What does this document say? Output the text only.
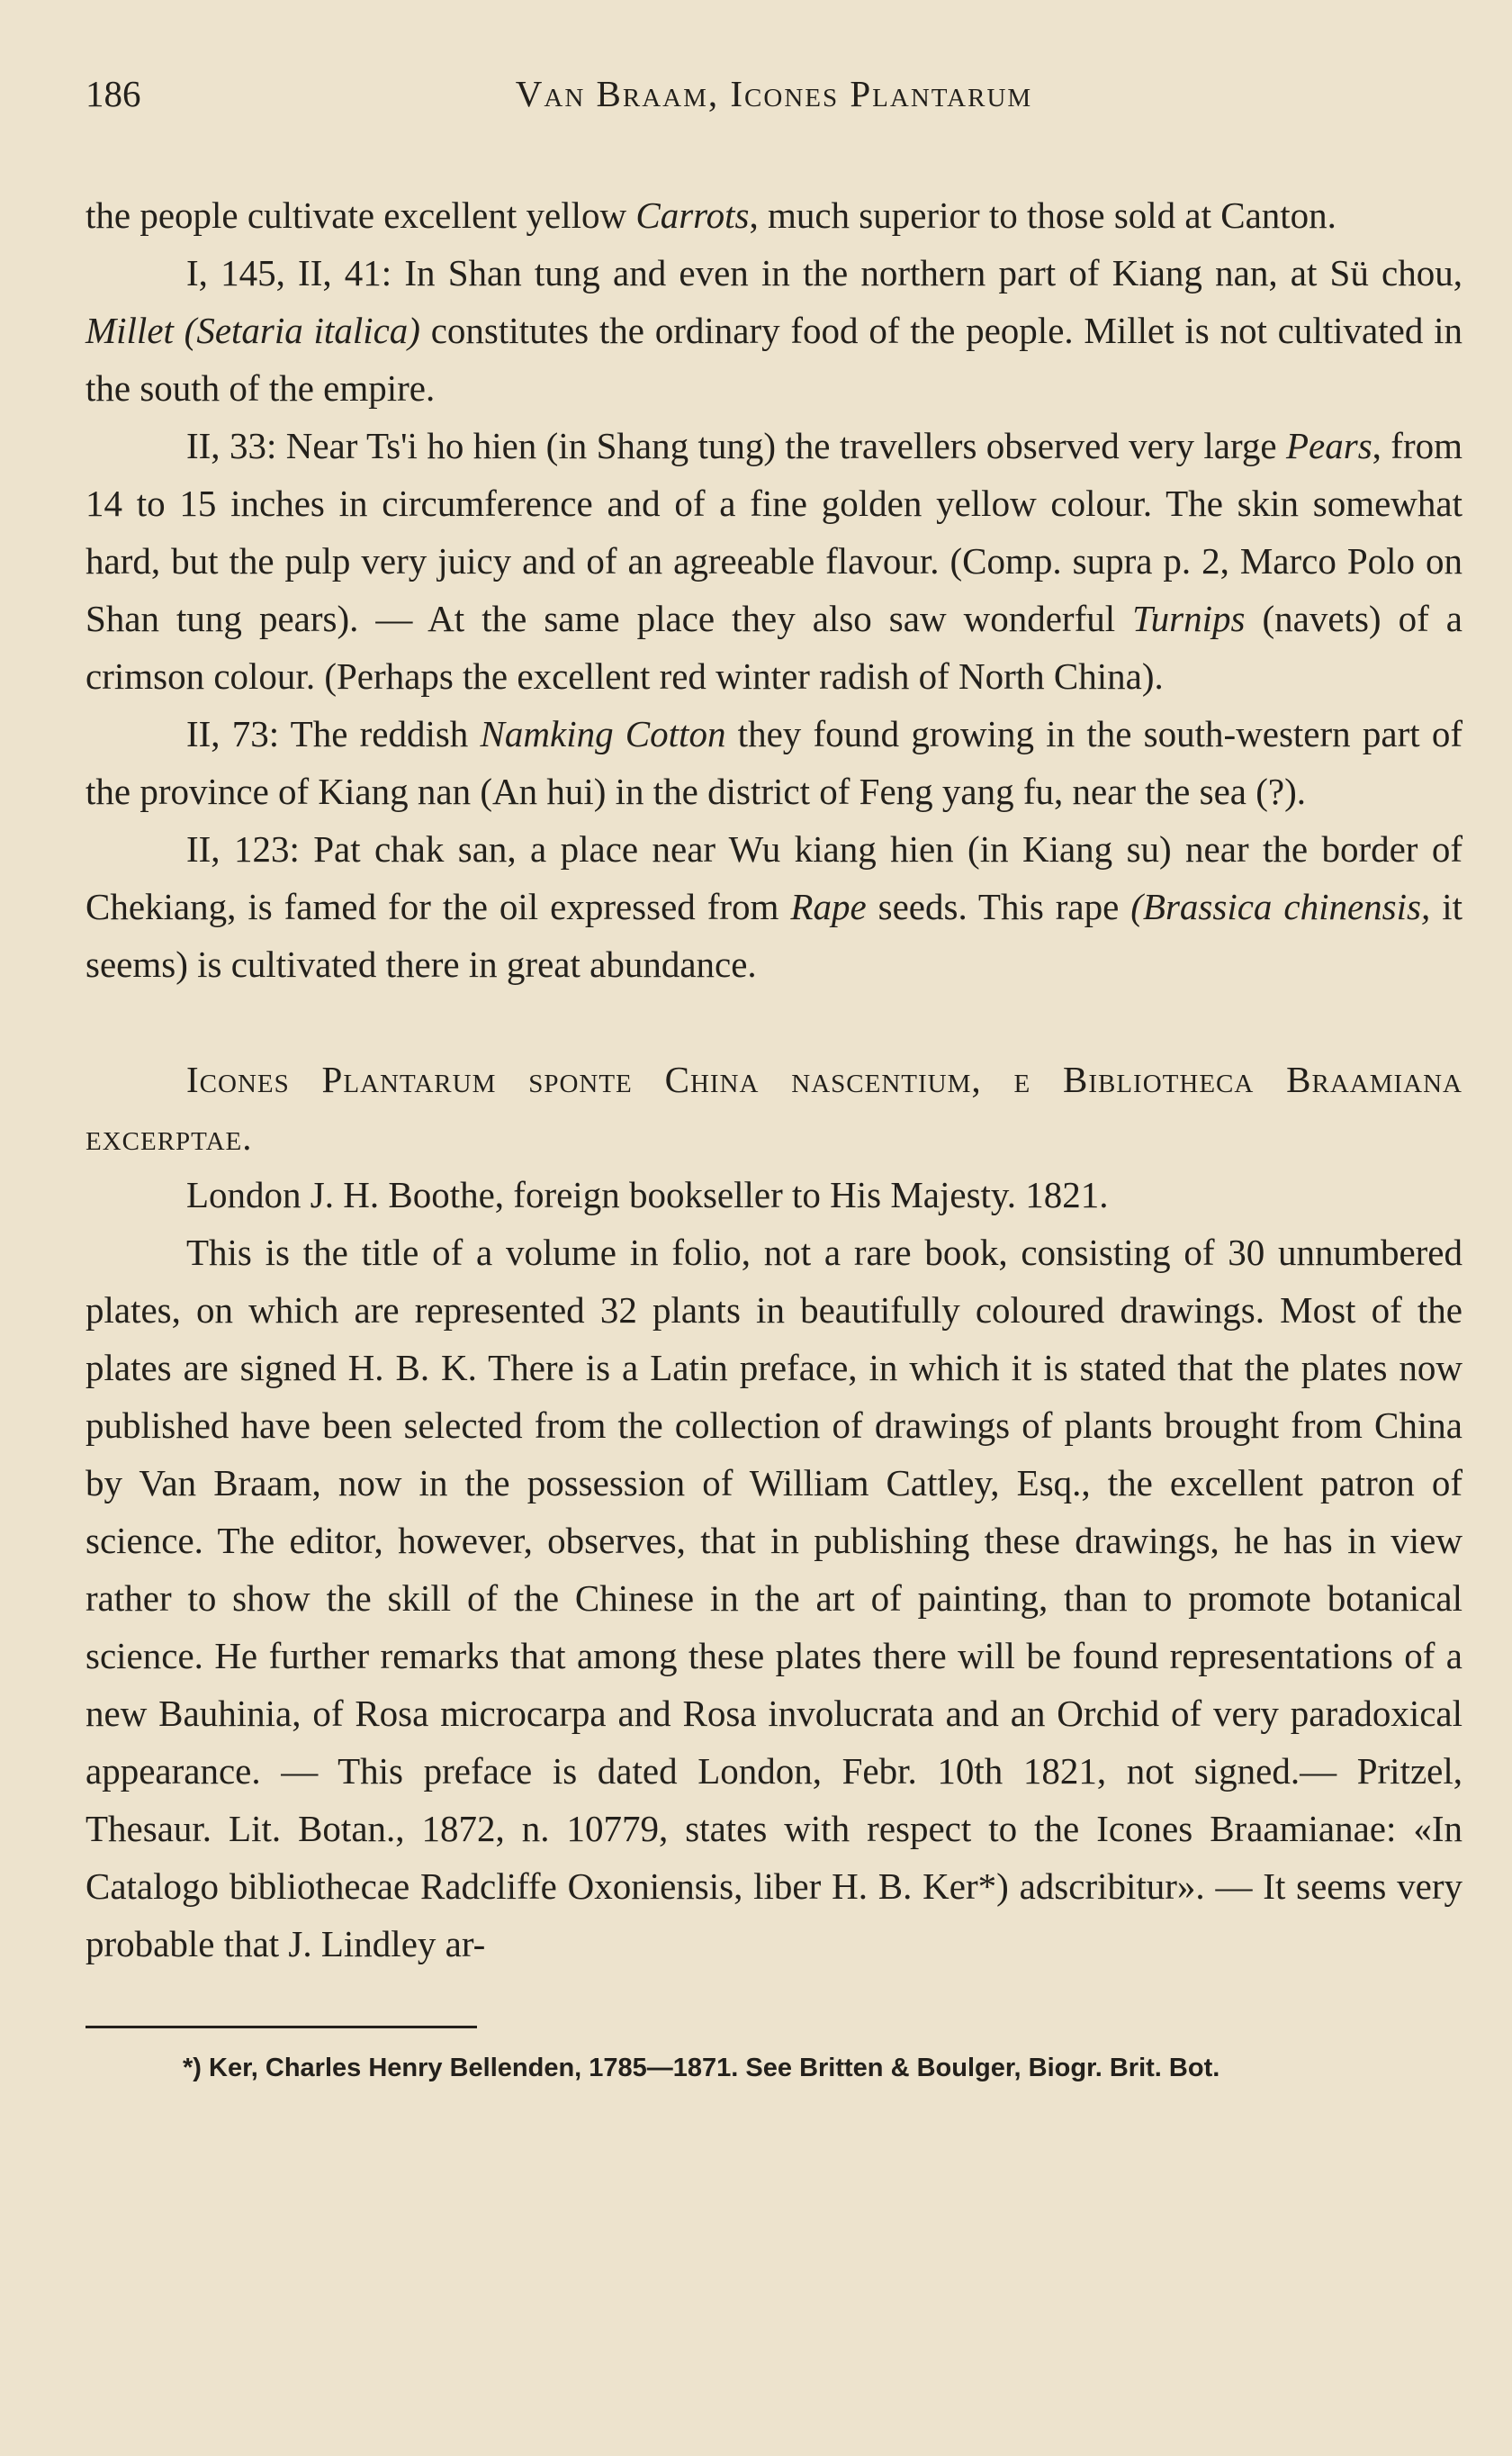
186	Van Braam, Icones Plantarum

the people cultivate excellent yellow Carrots, much superior to those sold at Canton.

I, 145, II, 41: In Shan tung and even in the northern part of Kiang nan, at Sü chou, Millet (Setaria italica) constitutes the ordinary food of the people. Millet is not cultivated in the south of the empire.

II, 33: Near Ts'i ho hien (in Shang tung) the travellers observed very large Pears, from 14 to 15 inches in circumference and of a fine golden yellow colour. The skin somewhat hard, but the pulp very juicy and of an agreeable flavour. (Comp. supra p. 2, Marco Polo on Shan tung pears). — At the same place they also saw wonderful Turnips (navets) of a crimson colour. (Perhaps the excellent red winter radish of North China).

II, 73: The reddish Namking Cotton they found growing in the south-western part of the province of Kiang nan (An hui) in the district of Feng yang fu, near the sea (?).

II, 123: Pat chak san, a place near Wu kiang hien (in Kiang su) near the border of Chekiang, is famed for the oil expressed from Rape seeds. This rape (Brassica chinensis, it seems) is cultivated there in great abundance.

Icones Plantarum sponte China nascentium, e Bibliotheca Braamiana excerptae.

London J. H. Boothe, foreign bookseller to His Majesty. 1821.

This is the title of a volume in folio, not a rare book, consisting of 30 unnumbered plates, on which are represented 32 plants in beautifully coloured drawings. Most of the plates are signed H. B. K. There is a Latin preface, in which it is stated that the plates now published have been selected from the collection of drawings of plants brought from China by Van Braam, now in the possession of William Cattley, Esq., the excellent patron of science. The editor, however, observes, that in publishing these drawings, he has in view rather to show the skill of the Chinese in the art of painting, than to promote botanical science. He further remarks that among these plates there will be found representations of a new Bauhinia, of Rosa microcarpa and Rosa involucrata and an Orchid of very paradoxical appearance. — This preface is dated London, Febr. 10th 1821, not signed.— Pritzel, Thesaur. Lit. Botan., 1872, n. 10779, states with respect to the Icones Braamianae: «In Catalogo bibliothecae Radcliffe Oxoniensis, liber H. B. Ker*) adscribitur». — It seems very probable that J. Lindley ar-

*) Ker, Charles Henry Bellenden, 1785—1871. See Britten & Boulger, Biogr. Brit. Bot.
